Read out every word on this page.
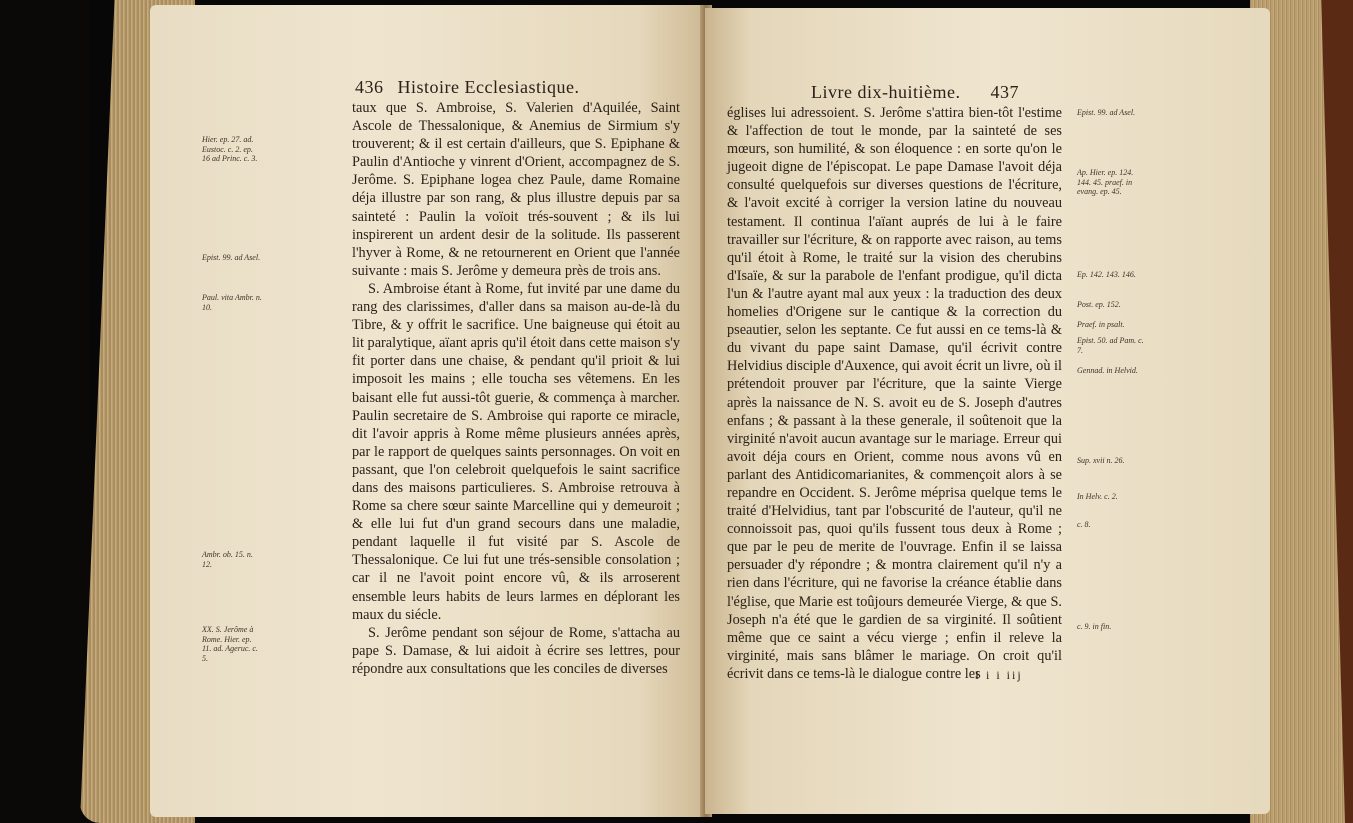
436 Histoire Ecclesiastique.
Hier. ep. 27. ad. Eustoc. c. 2. ep. 16 ad Princ. c. 3.
Epist. 99. ad Asel.
Paul. vita Ambr. n. 10.
Ambr. ob. 15. n. 12.
XX. S. Jerôme à Rome. Hier. ep. 11. ad. Ageruc. c. 5.

taux que S. Ambroise, S. Valerien d'Aquilée, Saint Ascole de Thessalonique, & Anemius de Sirmium s'y trouverent; & il est certain d'ailleurs, que S. Epiphane & Paulin d'Antioche y vinrent d'Orient, accompagnez de S. Jerôme. S. Epiphane logea chez Paule, dame Romaine déja illustre par son rang, & plus illustre depuis par sa sainteté : Paulin la voïoit trés-souvent ; & ils lui inspirerent un ardent desir de la solitude. Ils passerent l'hyver à Rome, & ne retournerent en Orient que l'année suivante : mais S. Jerôme y demeura près de trois ans.

S. Ambroise étant à Rome, fut invité par une dame du rang des clarissimes, d'aller dans sa maison au-de-là du Tibre, & y offrit le sacrifice. Une baigneuse qui étoit au lit paralytique, aïant apris qu'il étoit dans cette maison s'y fit porter dans une chaise, & pendant qu'il prioit & lui imposoit les mains ; elle toucha ses vêtemens. En les baisant elle fut aussi-tôt guerie, & commença à marcher. Paulin secretaire de S. Ambroise qui raporte ce miracle, dit l'avoir appris à Rome même plusieurs années après, par le rapport de quelques saints personnages. On voit en passant, que l'on celebroit quelquefois le saint sacrifice dans des maisons particulieres. S. Ambroise retrouva à Rome sa chere sœur sainte Marcelline qui y demeuroit ; & elle lui fut d'un grand secours dans une maladie, pendant laquelle il fut visité par S. Ascole de Thessalonique. Ce lui fut une trés-sensible consolation ; car il ne l'avoit point encore vû, & ils arroserent ensemble leurs habits de leurs larmes en déplorant les maux du siécle.

S. Jerôme pendant son séjour de Rome, s'attacha au pape S. Damase, & lui aidoit à écrire ses lettres, pour répondre aux consultations que les conciles de diverses

Livre dix-huitième. 437

églises lui adressoient. S. Jerôme s'attira bien-tôt l'estime & l'affection de tout le monde, par la sainteté de ses mœurs, son humilité, & son éloquence : en sorte qu'on le jugeoit digne de l'épiscopat. Le pape Damase l'avoit déja consulté quelquefois sur diverses questions de l'écriture, & l'avoit excité à corriger la version latine du nouveau testament. Il continua l'aïant auprés de lui à le faire travailler sur l'écriture, & on rapporte avec raison, au tems qu'il étoit à Rome, le traité sur la vision des cherubins d'Isaïe, & sur la parabole de l'enfant prodigue, qu'il dicta l'un & l'autre ayant mal aux yeux : la traduction des deux homelies d'Origene sur le cantique & la correction du pseautier, selon les septante. Ce fut aussi en ce tems-là & du vivant du pape saint Damase, qu'il écrivit contre Helvidius disciple d'Auxence, qui avoit écrit un livre, où il prétendoit prouver par l'écriture, que la sainte Vierge après la naissance de N. S. avoit eu de S. Joseph d'autres enfans ; & passant à la these generale, il soûtenoit que la virginité n'avoit aucun avantage sur le mariage. Erreur qui avoit déja cours en Orient, comme nous avons vû en parlant des Antidicomarianites, & commençoit alors à se repandre en Occident. S. Jerôme méprisa quelque tems le traité d'Helvidius, tant par l'obscurité de l'auteur, qu'il ne connoissoit pas, quoi qu'ils fussent tous deux à Rome ; que par le peu de merite de l'ouvrage. Enfin il se laissa persuader d'y répondre ; & montra clairement qu'il n'y a rien dans l'écriture, qui ne favorise la créance établie dans l'église, que Marie est toûjours demeurée Vierge, & que S. Joseph n'a été que le gardien de sa virginité. Il soûtient même que ce saint a vécu vierge ; enfin il releve la virginité, mais sans blâmer le mariage. On croit qu'il écrivit dans ce tems-là le dialogue contre les

Epist. 99. ad Asel.
Ap. Hier. ep. 124. 144. 45. praef. in evang. ep. 45.
Ep. 142. 143. 146.
Post. ep. 152.
Praef. in psalt.
Epist. 50. ad Pam. c. 7.
Gennad. in Helvid.
Sup. xvii n. 26.
In Helv. c. 2.
c. 8.
c. 9. in fin.
I i i iij
